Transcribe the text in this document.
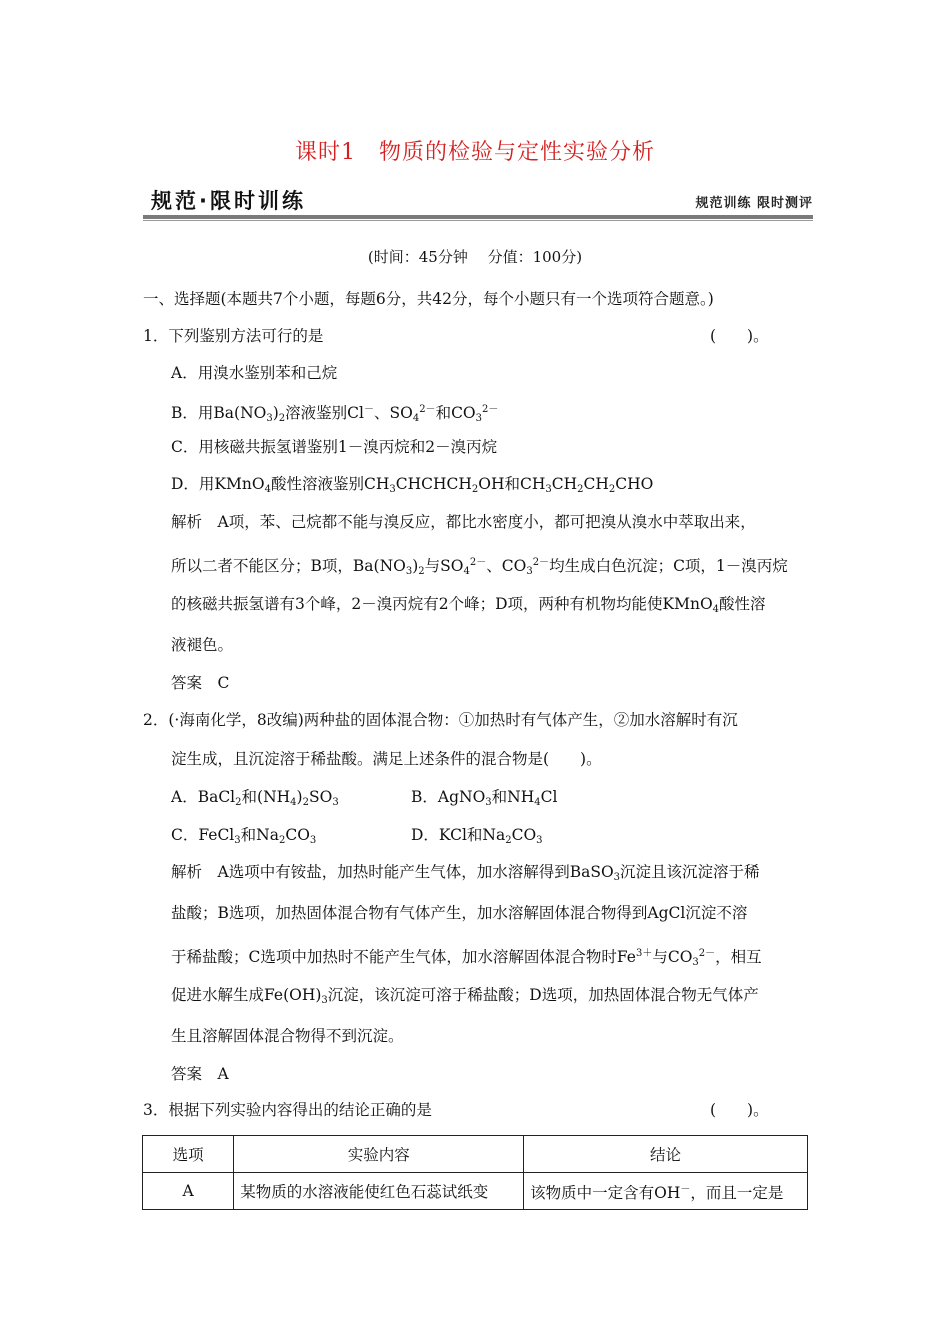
课时1　物质的检验与定性实验分析
规范·限时训练	规范训练 限时测评
(时间：45分钟　 分值：100分)
一、选择题(本题共7个小题，每题6分，共42分，每个小题只有一个选项符合题意。)
1．下列鉴别方法可行的是	(　　)。
A．用溴水鉴别苯和己烷
B．用$Ba(NO_3)_2$溶液鉴别Cl－、$SO_4^{2-}$和$CO_3^{2-}$
C．用核磁共振氢谱鉴别1－溴丙烷和2－溴丙烷
D．用KMnO$_4$酸性溶液鉴别$CH_3CHCHCH_2OH$和$CH_3CH_2CH_2CHO$
解析　A项，苯、己烷都不能与溴反应，都比水密度小，都可把溴从溴水中萃取出来，
所以二者不能区分；B项，$Ba(NO_3)_2$与$SO_4^{2-}$、$CO_3^{2-}$均生成白色沉淀；C项，1－溴丙烷
的核磁共振氢谱有3个峰，2－溴丙烷有2个峰；D项，两种有机物均能使KMnO$_4$酸性溶
液褪色。
答案　C
2．(·海南化学，8改编)两种盐的固体混合物：①加热时有气体产生，②加水溶解时有沉
淀生成，且沉淀溶于稀盐酸。满足上述条件的混合物是(　　)。
A．BaCl$_2$和$(NH_4)_2SO_3$	B．AgNO$_3$和$NH_4Cl$
C．FeCl$_3$和$Na_2CO_3$	D．KCl和$Na_2CO_3$
解析　A选项中有铵盐，加热时能产生气体，加水溶解得到BaSO$_3$沉淀且该沉淀溶于稀
盐酸；B选项，加热固体混合物有气体产生，加水溶解固体混合物得到AgCl沉淀不溶
于稀盐酸；C选项中加热时不能产生气体，加水溶解固体混合物时$Fe^{3+}$与$CO_3^{2-}$，相互
促进水解生成$Fe(OH)_3$沉淀，该沉淀可溶于稀盐酸；D选项，加热固体混合物无气体产
生且溶解固体混合物得不到沉淀。
答案　A
3．根据下列实验内容得出的结论正确的是	(　　)。
选项	实验内容	结论
A	某物质的水溶液能使红色石蕊试纸变	该物质中一定含有OH－，而且一定是
